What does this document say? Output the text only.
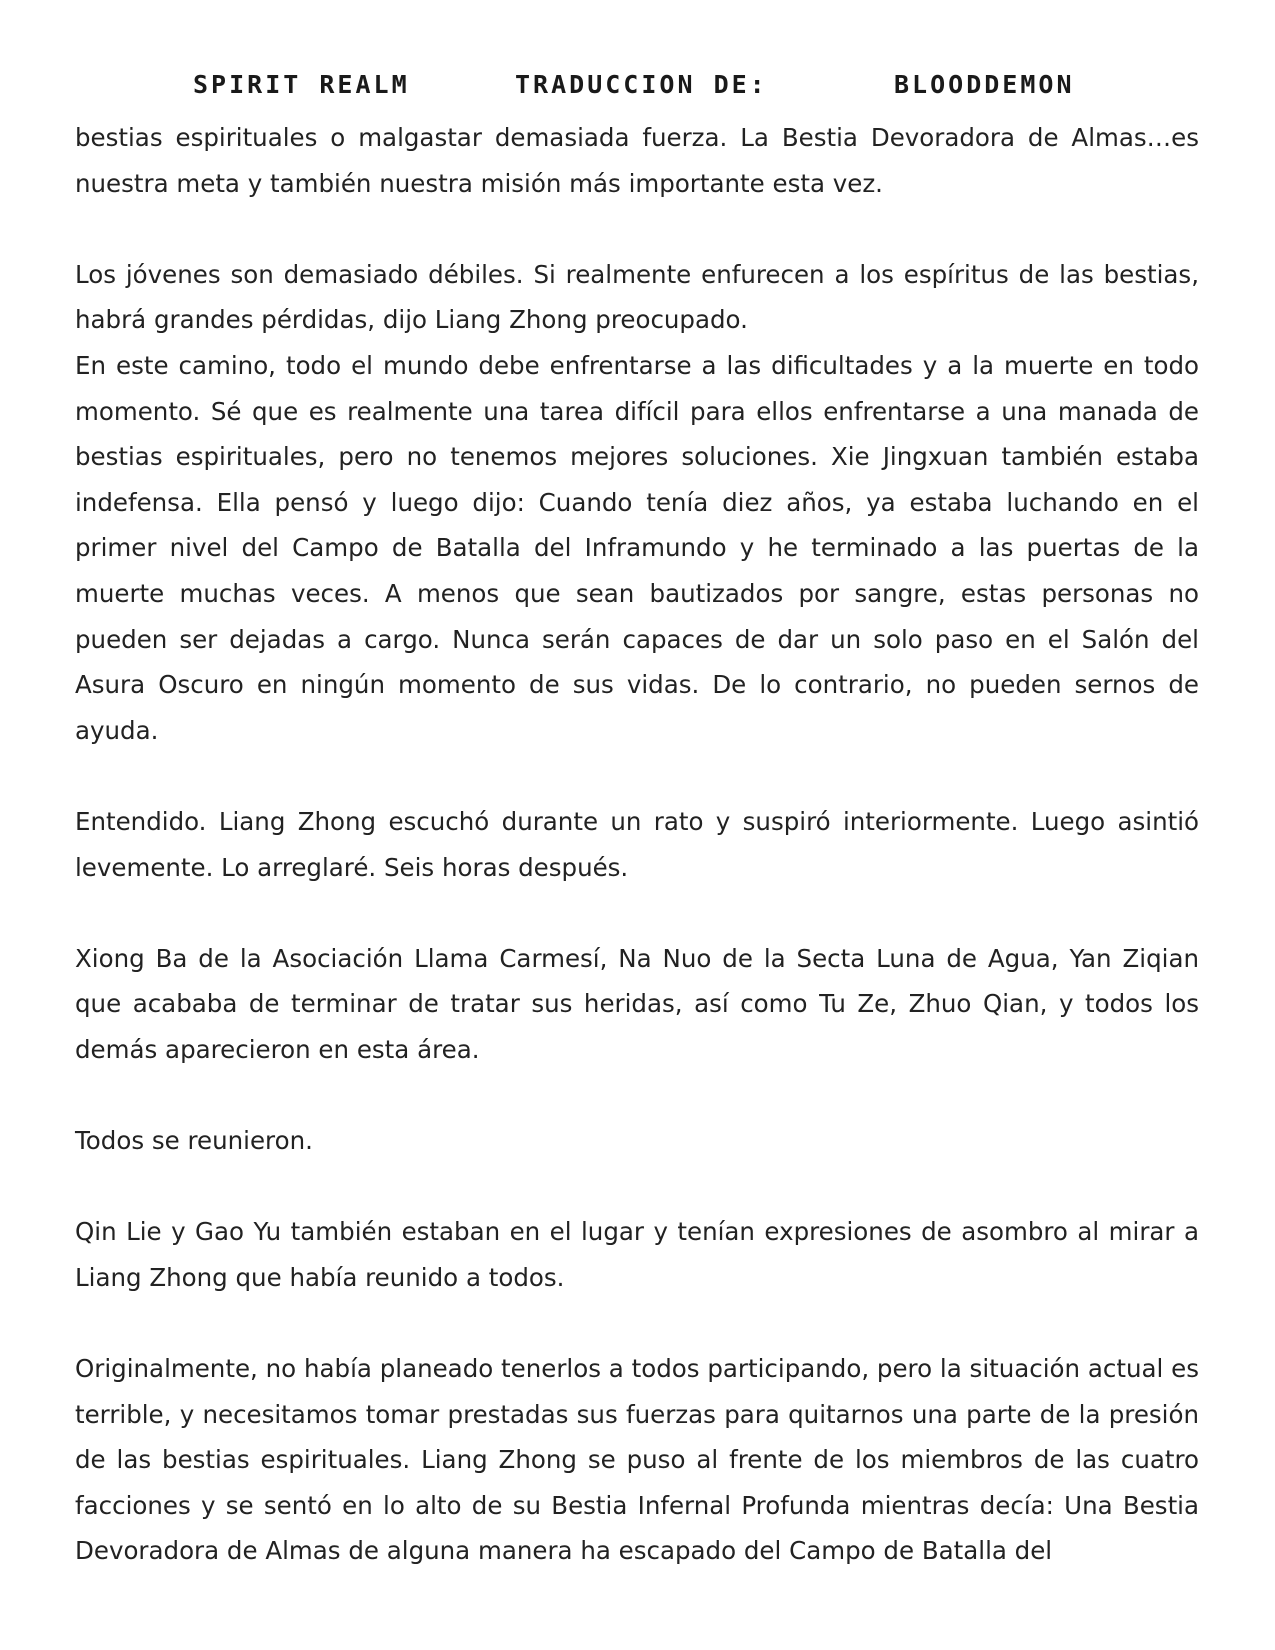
SPIRIT REALM	TRADUCCION DE:	BLOODDEMON

bestias espirituales o malgastar demasiada fuerza. La Bestia Devoradora de Almas…es nuestra meta y también nuestra misión más importante esta vez.

Los jóvenes son demasiado débiles. Si realmente enfurecen a los espíritus de las bestias, habrá grandes pérdidas, dijo Liang Zhong preocupado.

En este camino, todo el mundo debe enfrentarse a las dificultades y a la muerte en todo momento. Sé que es realmente una tarea difícil para ellos enfrentarse a una manada de bestias espirituales, pero no tenemos mejores soluciones. Xie Jingxuan también estaba indefensa. Ella pensó y luego dijo: Cuando tenía diez años, ya estaba luchando en el primer nivel del Campo de Batalla del Inframundo y he terminado a las puertas de la muerte muchas veces. A menos que sean bautizados por sangre, estas personas no pueden ser dejadas a cargo. Nunca serán capaces de dar un solo paso en el Salón del Asura Oscuro en ningún momento de sus vidas. De lo contrario, no pueden sernos de ayuda.

Entendido. Liang Zhong escuchó durante un rato y suspiró interiormente. Luego asintió levemente. Lo arreglaré. Seis horas después.

Xiong Ba de la Asociación Llama Carmesí, Na Nuo de la Secta Luna de Agua, Yan Ziqian que acababa de terminar de tratar sus heridas, así como Tu Ze, Zhuo Qian, y todos los demás aparecieron en esta área.

Todos se reunieron.

Qin Lie y Gao Yu también estaban en el lugar y tenían expresiones de asombro al mirar a Liang Zhong que había reunido a todos.

Originalmente, no había planeado tenerlos a todos participando, pero la situación actual es terrible, y necesitamos tomar prestadas sus fuerzas para quitarnos una parte de la presión de las bestias espirituales. Liang Zhong se puso al frente de los miembros de las cuatro facciones y se sentó en lo alto de su Bestia Infernal Profunda mientras decía: Una Bestia Devoradora de Almas de alguna manera ha escapado del Campo de Batalla del
